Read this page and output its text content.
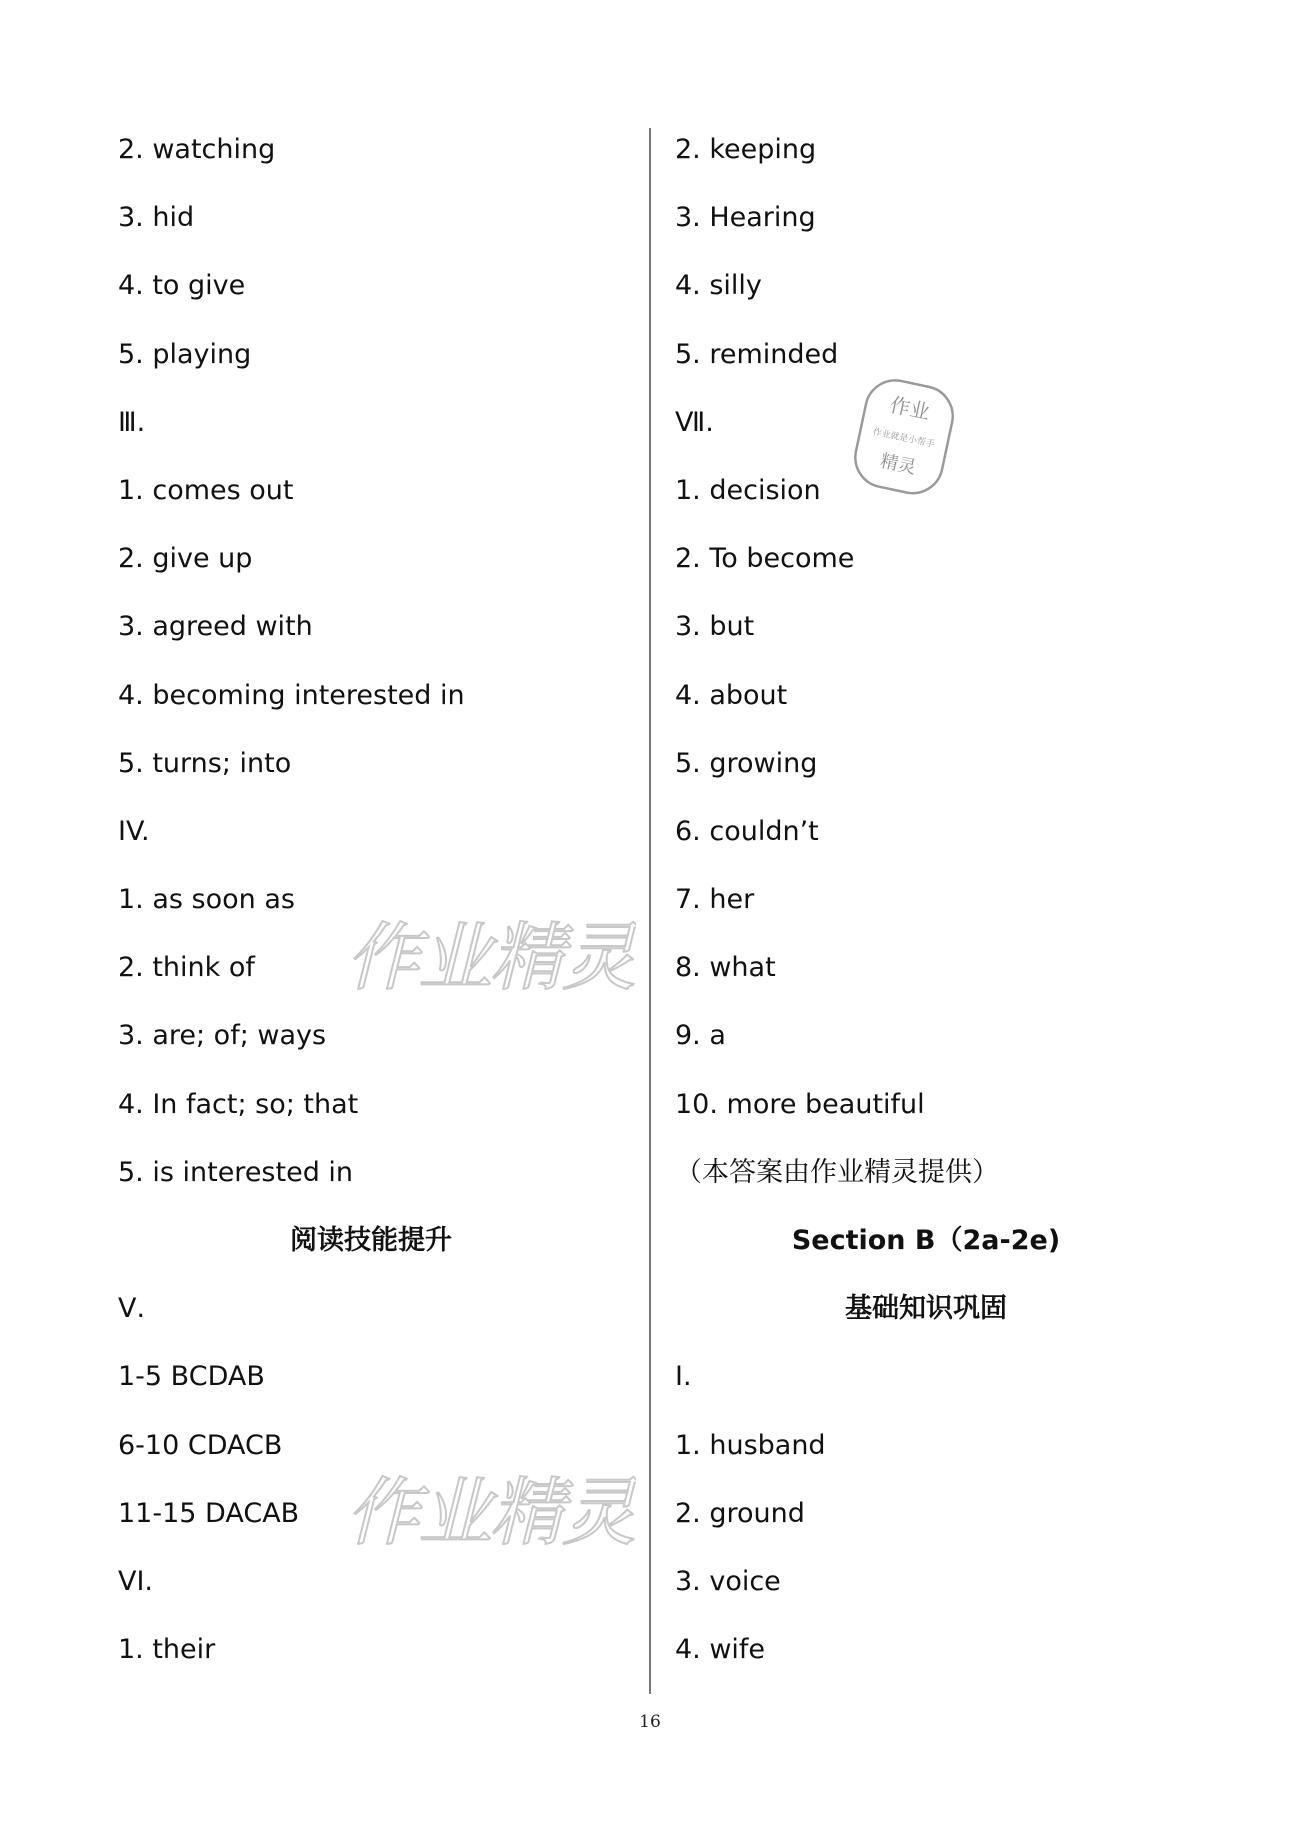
2. watching
3. hid
4. to give
5. playing
Ⅲ.
1. comes out
2. give up
3. agreed with
4. becoming interested in
5. turns; into
IV.
1. as soon as
2. think of
3. are; of; ways
4. In fact; so; that
5. is interested in
阅读技能提升
Ⅴ.
1-5 BCDAB
6-10 CDACB
11-15 DACAB
VI.
1. their
2. keeping
3. Hearing
4. silly
5. reminded
Ⅶ.
1. decision
2. To become
3. but
4. about
5. growing
6. couldn’t
7. her
8. what
9. a
10. more beautiful
（本答案由作业精灵提供）
Section B（2a-2e)
基础知识巩固
Ⅰ.
1. husband
2. ground
3. voice
4. wife
作业精灵
作业精灵
作业
作业就是小帮手
精灵
16
